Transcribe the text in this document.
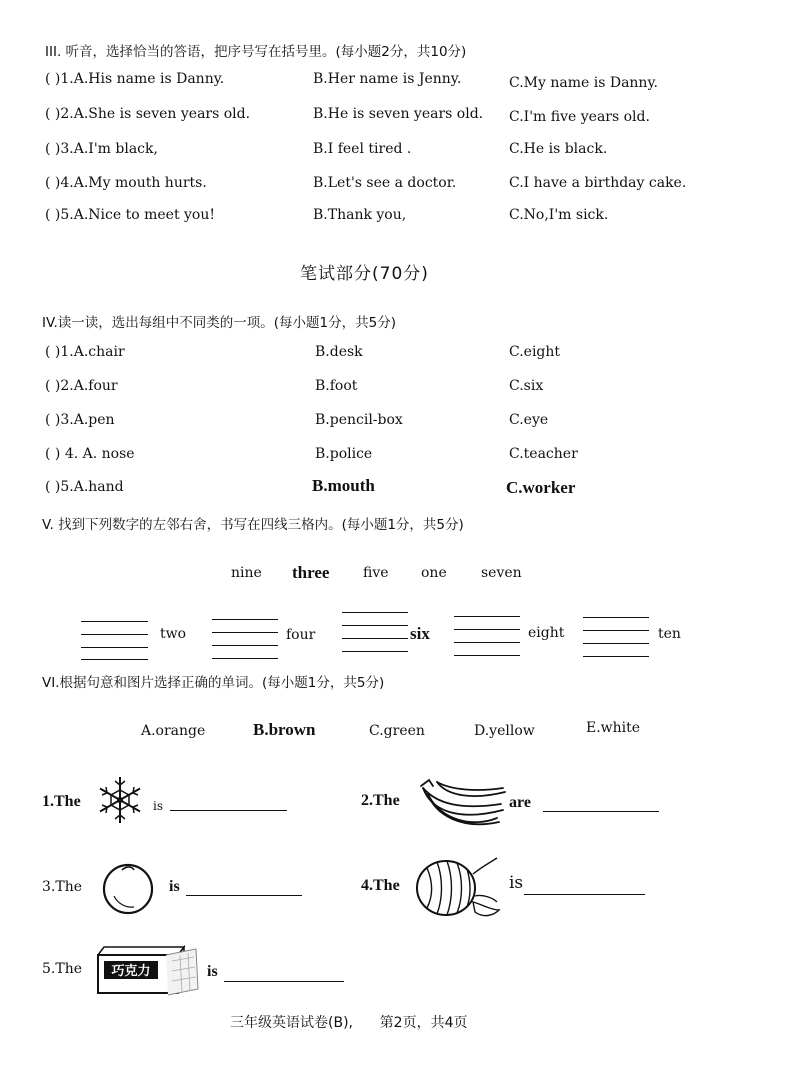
III. 听音，选择恰当的答语，把序号写在括号里。(每小题2分，共10分)
( )1.A.His name is Danny.	B.Her name is Jenny.	C.My name is Danny.
( )2.A.She is seven years old.	B.He is seven years old. C.I'm five years old.
( )3.A.I'm black,	B.I feel tired .	C.He is black.
( )4.A.My mouth hurts.	B.Let's see a doctor.	C.I have a birthday cake.
( )5.A.Nice to meet you!	B.Thank you,	C.No,I'm sick.
笔试部分(70分)
IV.读一读，选出每组中不同类的一项。(每小题1分，共5分)
( )1.A.chair	B.desk	C.eight
( )2.A.four	B.foot	C.six
( )3.A.pen	B.pencil-box	C.eye
( ) 4. A. nose	B.police	C.teacher
( )5.A.hand	B.mouth	C.worker
V. 找到下列数字的左邻右舍，书写在四线三格内。(每小题1分，共5分)
nine three five one seven
two	four	six	eight	ten
VI.根据句意和图片选择正确的单词。(每小题1分，共5分)
A.orange	B.brown	C.green	D.yellow	E.white
1.The	is	2.The	are
3.The	is	4.The	is
5.The	巧克力	is
三年级英语试卷(B),      第2页，共4页
